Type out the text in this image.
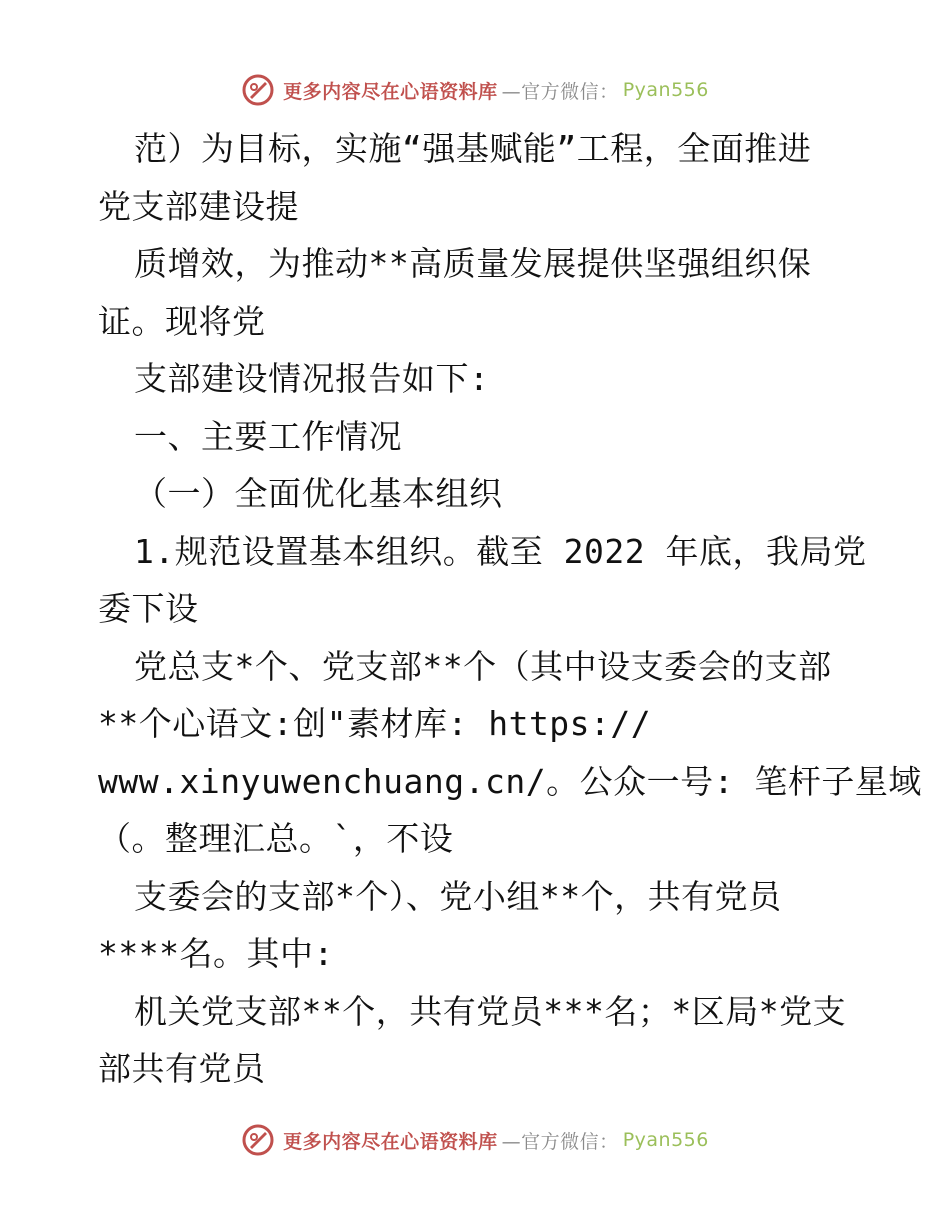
更多内容尽在心语资料库 —官方微信： Pyan556
范）为目标，实施“强基赋能”工程，全面推进
党支部建设提
质增效，为推动**高质量发展提供坚强组织保
证。现将党
支部建设情况报告如下:
一、主要工作情况
（一）全面优化基本组织
1.规范设置基本组织。截至 2022 年底，我局党
委下设
党总支*个、党支部**个（其中设支委会的支部
**个心语文:创"素材库: https://
www.xinyuwenchuang.cn/。公众一号: 笔杆子星域
（。整理汇总。`，不设
支委会的支部*个）、党小组**个，共有党员
****名。其中:
机关党支部**个，共有党员***名；*区局*党支
部共有党员
更多内容尽在心语资料库 —官方微信： Pyan556
